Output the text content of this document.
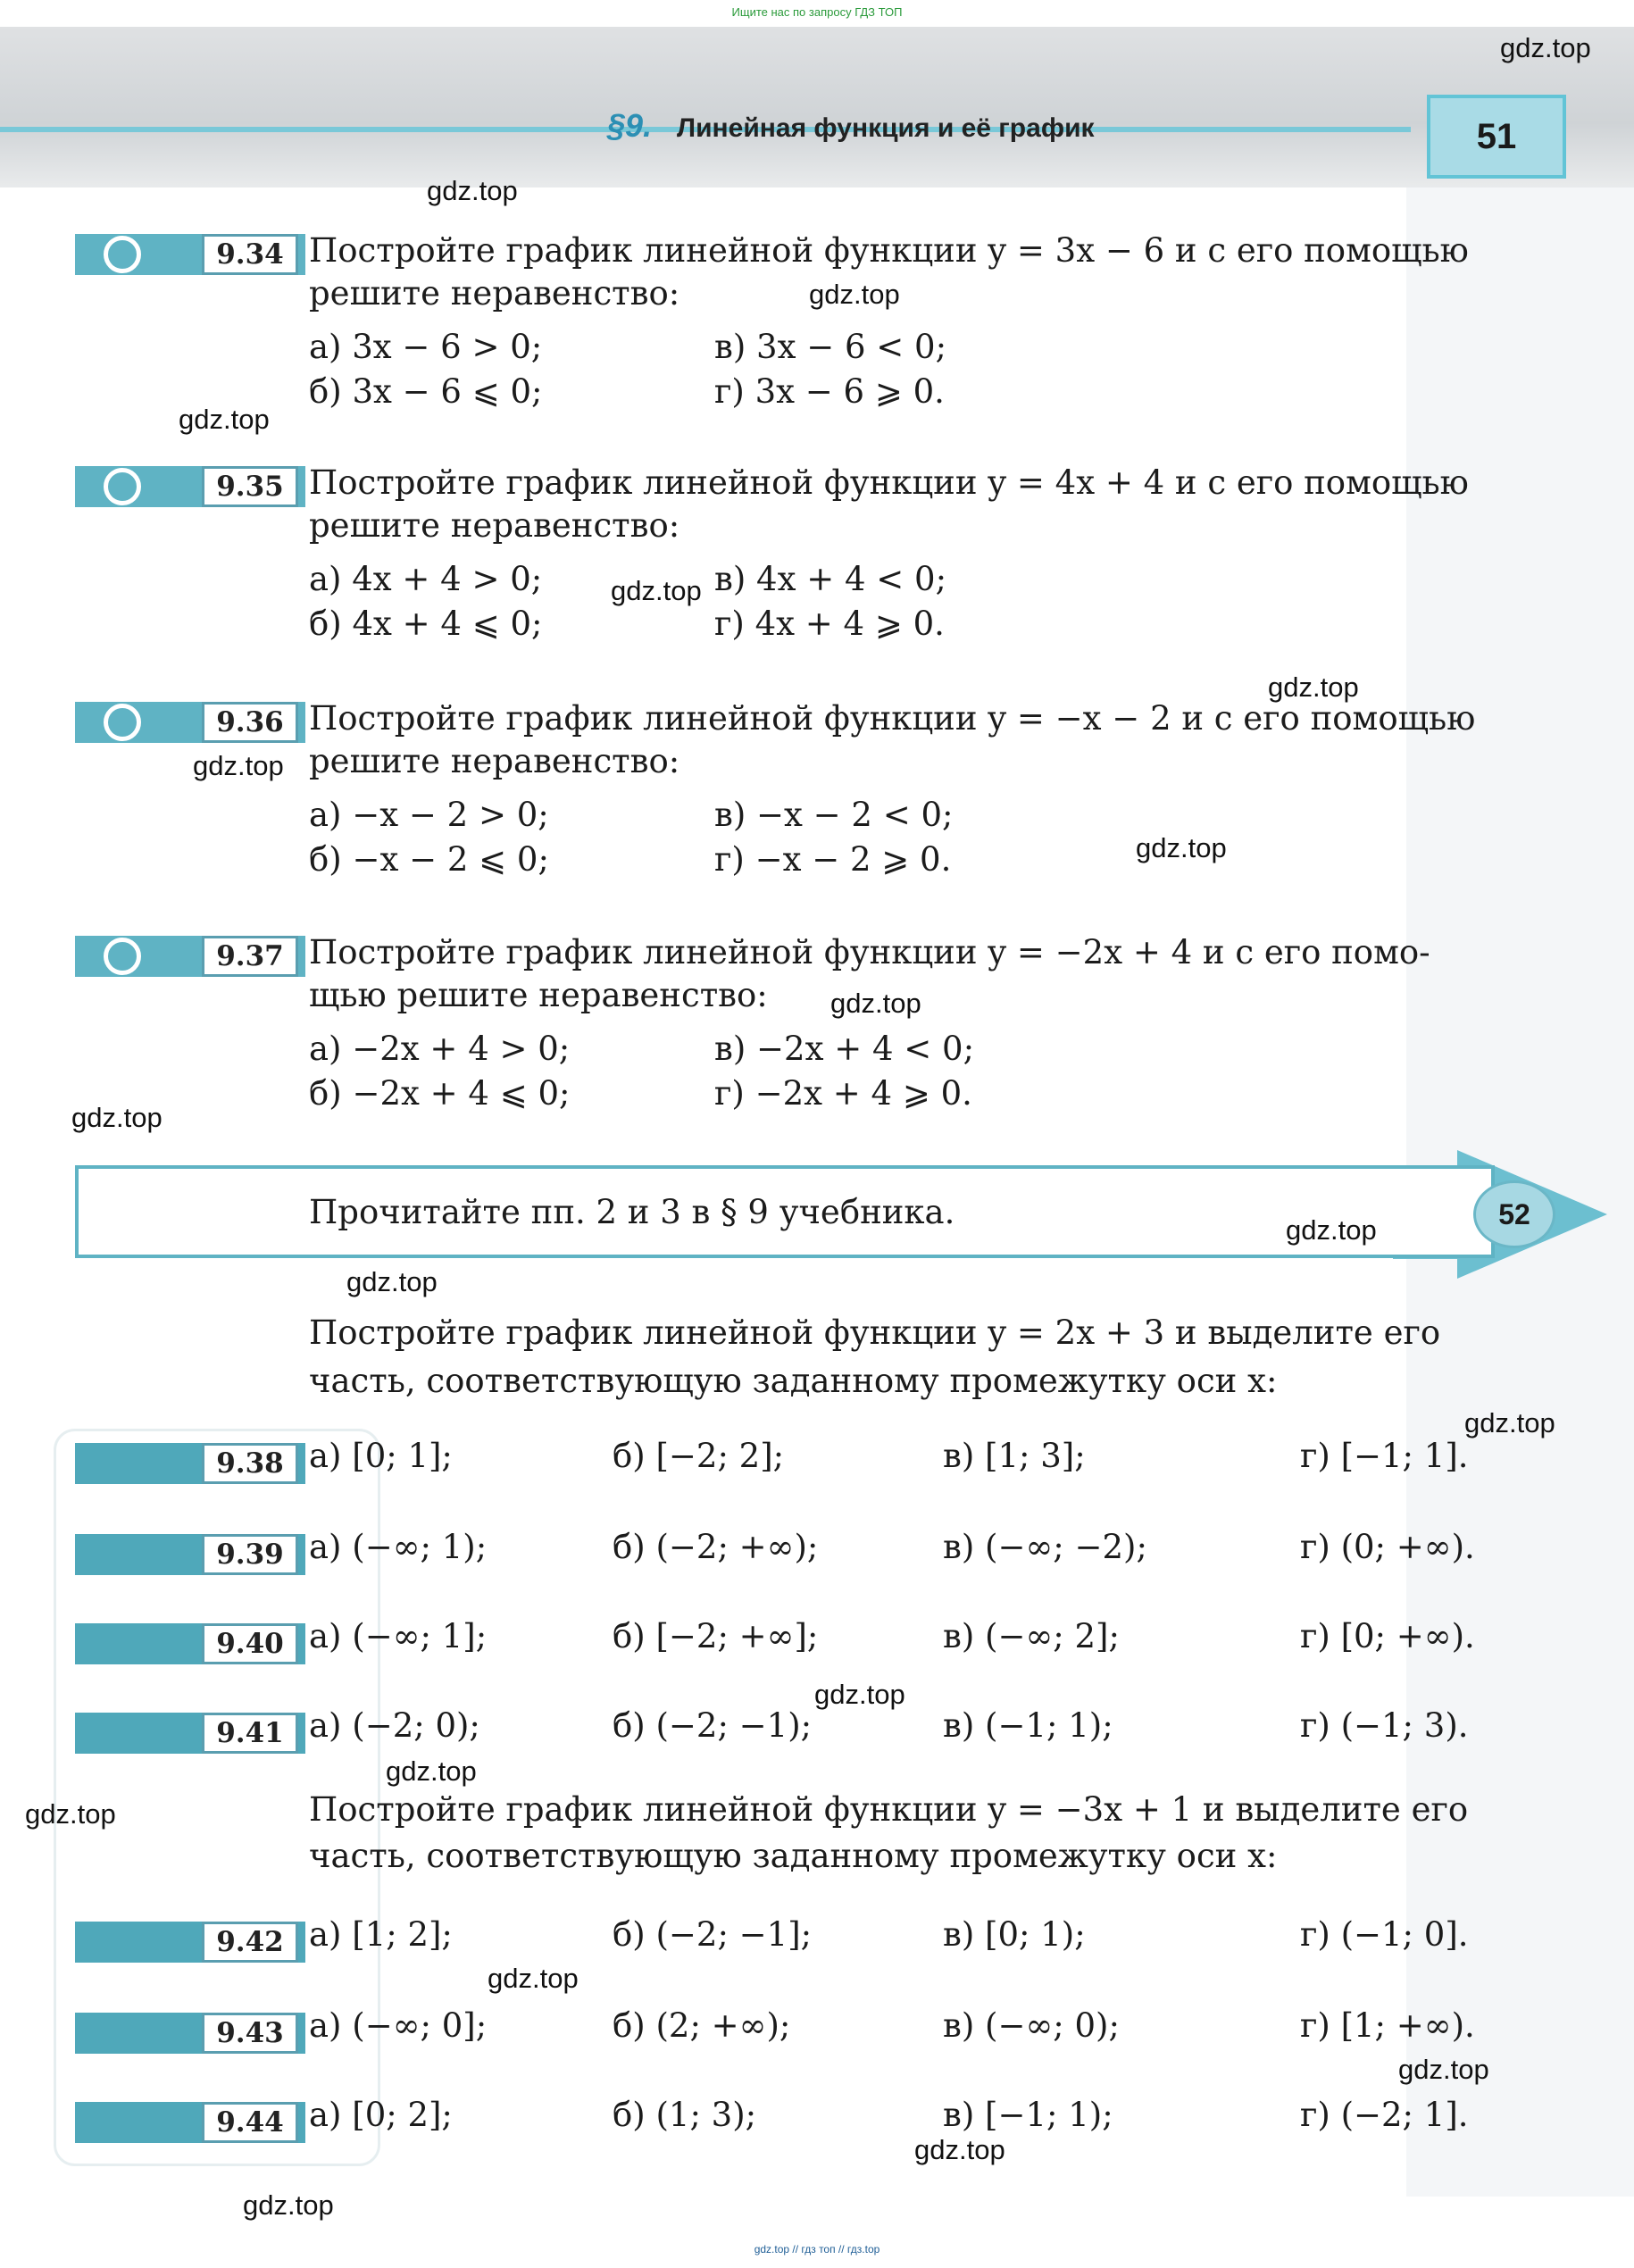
Ищите нас по запросу ГДЗ ТОП
§9. Линейная функция и её график	51
9.34 Постройте график линейной функции y = 3x − 6 и с его помощью
решите неравенство:
а) 3x − 6 > 0;
б) 3x − 6 ⩽ 0;
в) 3x − 6 < 0;
г) 3x − 6 ⩾ 0.
9.35 Постройте график линейной функции y = 4x + 4 и с его помощью
решите неравенство:
а) 4x + 4 > 0;
б) 4x + 4 ⩽ 0;
в) 4x + 4 < 0;
г) 4x + 4 ⩾ 0.
9.36 Постройте график линейной функции y = −x − 2 и с его помощью
решите неравенство:
а) −x − 2 > 0;
б) −x − 2 ⩽ 0;
в) −x − 2 < 0;
г) −x − 2 ⩾ 0.
9.37 Постройте график линейной функции y = −2x + 4 и с его помо-
щью решите неравенство:
а) −2x + 4 > 0;
б) −2x + 4 ⩽ 0;
в) −2x + 4 < 0;
г) −2x + 4 ⩾ 0.
Прочитайте пп. 2 и 3 в § 9 учебника.	52
Постройте график линейной функции y = 2x + 3 и выделите его
часть, соответствующую заданному промежутку оси x:
9.38 а) [0; 1];	б) [−2; 2];	в) [1; 3];	г) [−1; 1].
9.39 а) (−∞; 1);	б) (−2; +∞);	в) (−∞; −2);	г) (0; +∞).
9.40 а) (−∞; 1];	б) [−2; +∞];	в) (−∞; 2];	г) [0; +∞).
9.41 а) (−2; 0);	б) (−2; −1);	в) (−1; 1);	г) (−1; 3).
Постройте график линейной функции y = −3x + 1 и выделите его
часть, соответствующую заданному промежутку оси x:
9.42 а) [1; 2];	б) (−2; −1];	в) [0; 1);	г) (−1; 0].
9.43 а) (−∞; 0];	б) (2; +∞);	в) (−∞; 0);	г) [1; +∞).
9.44 а) [0; 2];	б) (1; 3);	в) [−1; 1);	г) (−2; 1].
gdz.top
gdz.top
gdz.top
gdz.top
gdz.top
gdz.top
gdz.top
gdz.top
gdz.top
gdz.top
gdz.top
gdz.top
gdz.top
gdz.top
gdz.top
gdz.top
gdz.top
gdz.top
gdz.top
gdz.top
gdz.top // гдз топ // гдз.top
